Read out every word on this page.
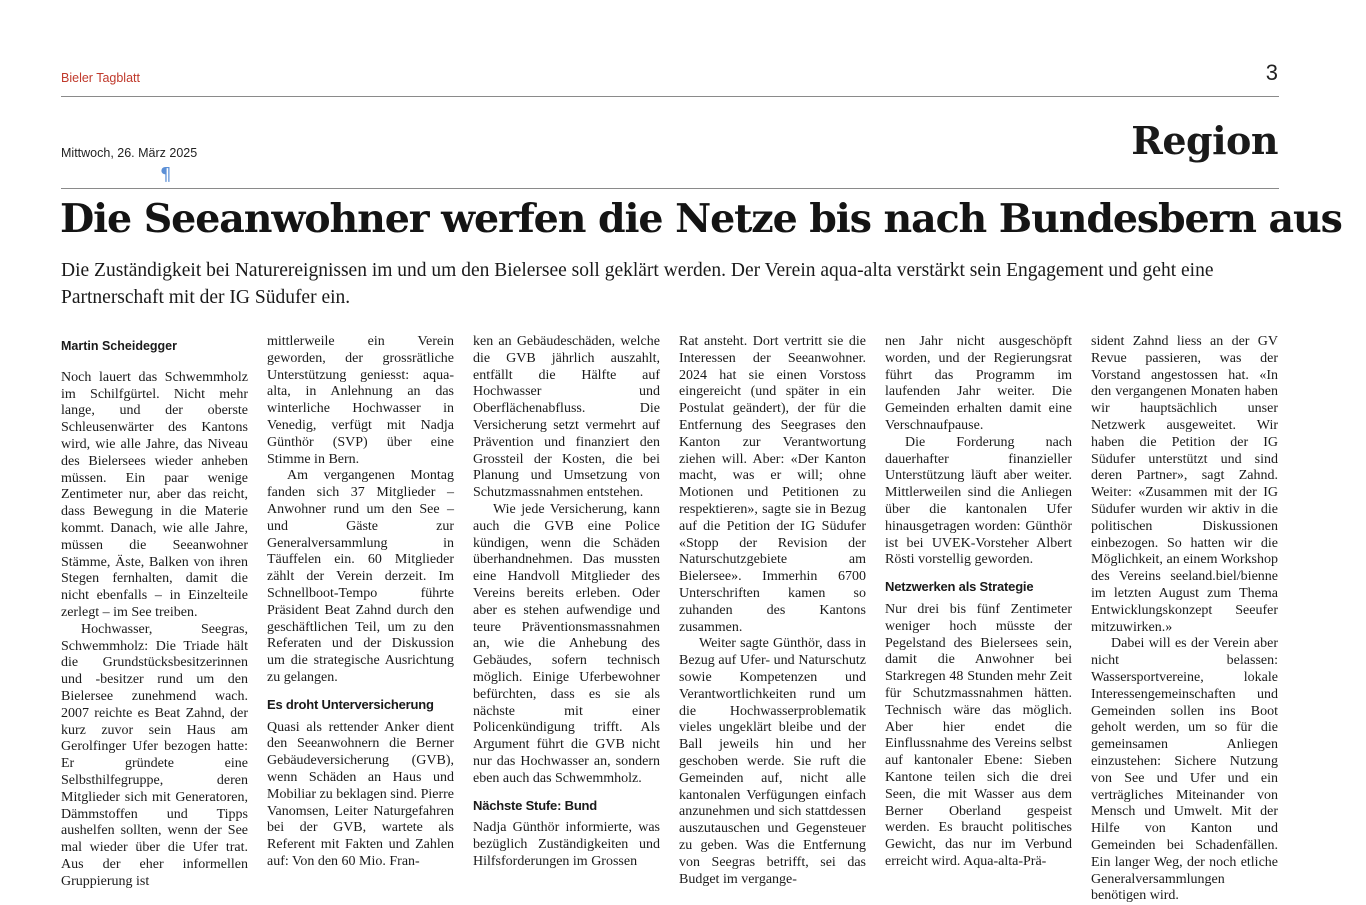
Bieler Tagblatt	3
Mittwoch, 26. März 2025
¶
Region
Die Seeanwohner werfen die Netze bis nach Bundesbern aus

Die Zuständigkeit bei Naturereignissen im und um den Bielersee soll geklärt werden. Der Verein aqua-alta verstärkt sein Engagement und geht eine Partnerschaft mit der IG Südufer ein.

Martin Scheidegger

Noch lauert das Schwemmholz im Schilfgürtel. Nicht mehr lange, und der oberste Schleusenwärter des Kantons wird, wie alle Jahre, das Niveau des Bielersees wieder anheben müssen. Ein paar wenige Zentimeter nur, aber das reicht, dass Bewegung in die Materie kommt. Danach, wie alle Jahre, müssen die Seeanwohner Stämme, Äste, Balken von ihren Stegen fernhalten, damit die nicht ebenfalls – in Einzelteile zerlegt – im See treiben.

Hochwasser, Seegras, Schwemmholz: Die Triade hält die Grundstücksbesitzerinnen und -besitzer rund um den Bielersee zunehmend wach. 2007 reichte es Beat Zahnd, der kurz zuvor sein Haus am Gerolfinger Ufer bezogen hatte: Er gründete eine Selbsthilfegruppe, deren Mitglieder sich mit Generatoren, Dämmstoffen und Tipps aushelfen sollten, wenn der See mal wieder über die Ufer trat. Aus der eher informellen Gruppierung ist

mittlerweile ein Verein geworden, der grossrätliche Unterstützung geniesst: aqua-alta, in Anlehnung an das winterliche Hochwasser in Venedig, verfügt mit Nadja Günthör (SVP) über eine Stimme in Bern.

Am vergangenen Montag fanden sich 37 Mitglieder – Anwohner rund um den See – und Gäste zur Generalversammlung in Täuffelen ein. 60 Mitglieder zählt der Verein derzeit. Im Schnellboot-Tempo führte Präsident Beat Zahnd durch den geschäftlichen Teil, um zu den Referaten und der Diskussion um die strategische Ausrichtung zu gelangen.

Es droht Unterversicherung

Quasi als rettender Anker dient den Seeanwohnern die Berner Gebäudeversicherung (GVB), wenn Schäden an Haus und Mobiliar zu beklagen sind. Pierre Vanomsen, Leiter Naturgefahren bei der GVB, wartete als Referent mit Fakten und Zahlen auf: Von den 60 Mio. Fran-

ken an Gebäudeschäden, welche die GVB jährlich auszahlt, entfällt die Hälfte auf Hochwasser und Oberflächenabfluss. Die Versicherung setzt vermehrt auf Prävention und finanziert den Grossteil der Kosten, die bei Planung und Umsetzung von Schutzmassnahmen entstehen.

Wie jede Versicherung, kann auch die GVB eine Police kündigen, wenn die Schäden überhandnehmen. Das mussten eine Handvoll Mitglieder des Vereins bereits erleben. Oder aber es stehen aufwendige und teure Präventionsmassnahmen an, wie die Anhebung des Gebäudes, sofern technisch möglich. Einige Uferbewohner befürchten, dass es sie als nächste mit einer Policenkündigung trifft. Als Argument führt die GVB nicht nur das Hochwasser an, sondern eben auch das Schwemmholz.

Nächste Stufe: Bund

Nadja Günthör informierte, was bezüglich Zuständigkeiten und Hilfsforderungen im Grossen

Rat ansteht. Dort vertritt sie die Interessen der Seeanwohner. 2024 hat sie einen Vorstoss eingereicht (und später in ein Postulat geändert), der für die Entfernung des Seegrases den Kanton zur Verantwortung ziehen will. Aber: «Der Kanton macht, was er will; ohne Motionen und Petitionen zu respektieren», sagte sie in Bezug auf die Petition der IG Südufer «Stopp der Revision der Naturschutzgebiete am Bielersee». Immerhin 6700 Unterschriften kamen so zuhanden des Kantons zusammen.

Weiter sagte Günthör, dass in Bezug auf Ufer- und Naturschutz sowie Kompetenzen und Verantwortlichkeiten rund um die Hochwasserproblematik vieles ungeklärt bleibe und der Ball jeweils hin und her geschoben werde. Sie ruft die Gemeinden auf, nicht alle kantonalen Verfügungen einfach anzunehmen und sich stattdessen auszutauschen und Gegensteuer zu geben. Was die Entfernung von Seegras betrifft, sei das Budget im vergange-

nen Jahr nicht ausgeschöpft worden, und der Regierungsrat führt das Programm im laufenden Jahr weiter. Die Gemeinden erhalten damit eine Verschnaufpause.

Die Forderung nach dauerhafter finanzieller Unterstützung läuft aber weiter. Mittlerweilen sind die Anliegen über die kantonalen Ufer hinausgetragen worden: Günthör ist bei UVEK-Vorsteher Albert Rösti vorstellig geworden.

Netzwerken als Strategie

Nur drei bis fünf Zentimeter weniger hoch müsste der Pegelstand des Bielersees sein, damit die Anwohner bei Starkregen 48 Stunden mehr Zeit für Schutzmassnahmen hätten. Technisch wäre das möglich. Aber hier endet die Einflussnahme des Vereins selbst auf kantonaler Ebene: Sieben Kantone teilen sich die drei Seen, die mit Wasser aus dem Berner Oberland gespeist werden. Es braucht politisches Gewicht, das nur im Verbund erreicht wird. Aqua-alta-Prä-

sident Zahnd liess an der GV Revue passieren, was der Vorstand angestossen hat. «In den vergangenen Monaten haben wir hauptsächlich unser Netzwerk ausgeweitet. Wir haben die Petition der IG Südufer unterstützt und sind deren Partner», sagt Zahnd. Weiter: «Zusammen mit der IG Südufer wurden wir aktiv in die politischen Diskussionen einbezogen. So hatten wir die Möglichkeit, an einem Workshop des Vereins seeland.biel/bienne im letzten August zum Thema Entwicklungskonzept Seeufer mitzuwirken.»

Dabei will es der Verein aber nicht belassen: Wassersportvereine, lokale Interessengemeinschaften und Gemeinden sollen ins Boot geholt werden, um so für die gemeinsamen Anliegen einzustehen: Sichere Nutzung von See und Ufer und ein verträgliches Miteinander von Mensch und Umwelt. Mit der Hilfe von Kanton und Gemeinden bei Schadenfällen. Ein langer Weg, der noch etliche Generalversammlungen benötigen wird.
